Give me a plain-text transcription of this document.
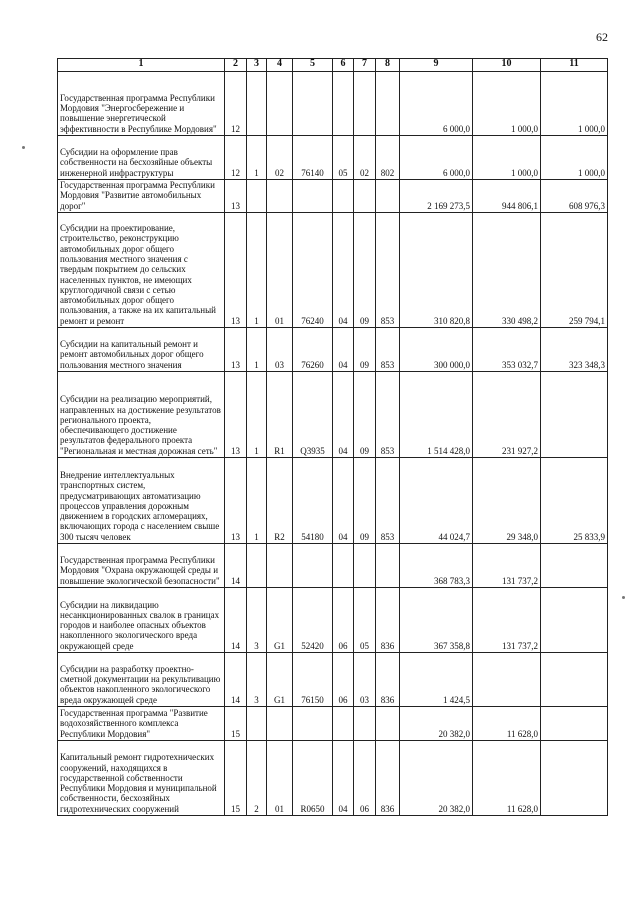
62
1	2	3	4	5	6	7	8	9	10	11
Государственная программа Республики Мордовия "Энергосбережение и повышение энергетической эффективности в Республике Мордовия"	12							6 000,0	1 000,0	1 000,0
Субсидии на оформление прав собственности на бесхозяйные объекты инженерной инфраструктуры	12	1	02	76140	05	02	802	6 000,0	1 000,0	1 000,0
Государственная программа Республики Мордовия "Развитие автомобильных дорог"	13							2 169 273,5	944 806,1	608 976,3
Субсидии на проектирование, строительство, реконструкцию автомобильных дорог общего пользования местного значения с твердым покрытием до сельских населенных пунктов, не имеющих круглогодичной связи с сетью автомобильных дорог общего пользования, а также на их капитальный ремонт и ремонт	13	1	01	76240	04	09	853	310 820,8	330 498,2	259 794,1
Субсидии на капитальный ремонт и ремонт автомобильных дорог общего пользования местного значения	13	1	03	76260	04	09	853	300 000,0	353 032,7	323 348,3
Субсидии на реализацию мероприятий, направленных на достижение результатов регионального проекта, обеспечивающего достижение результатов федерального проекта "Региональная и местная дорожная сеть"	13	1	R1	Q3935	04	09	853	1 514 428,0	231 927,2	
Внедрение интеллектуальных транспортных систем, предусматривающих автоматизацию процессов управления дорожным движением в городских агломерациях, включающих города с населением свыше 300 тысяч человек	13	1	R2	54180	04	09	853	44 024,7	29 348,0	25 833,9
Государственная программа Республики Мордовия "Охрана окружающей среды и повышение экологической безопасности"	14							368 783,3	131 737,2	
Субсидии на ликвидацию несанкционированных свалок в границах городов и наиболее опасных объектов накопленного экологического вреда окружающей среде	14	3	G1	52420	06	05	836	367 358,8	131 737,2	
Субсидии на разработку проектно-сметной документации на рекультивацию объектов накопленного экологического вреда окружающей среде	14	3	G1	76150	06	03	836	1 424,5		
Государственная программа "Развитие водохозяйственного комплекса Республики Мордовия"	15							20 382,0	11 628,0	
Капитальный ремонт гидротехнических сооружений, находящихся в государственной собственности Республики Мордовия и муниципальной собственности, бесхозяйных гидротехнических сооружений	15	2	01	R0650	04	06	836	20 382,0	11 628,0	
